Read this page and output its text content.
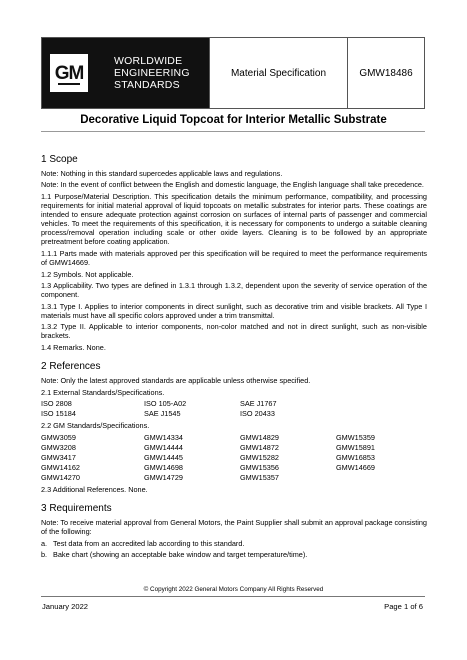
GM
WORLDWIDE
ENGINEERING
STANDARDS
Material Specification	GMW18486
Decorative Liquid Topcoat for Interior Metallic Substrate
1 Scope
Note: Nothing in this standard supercedes applicable laws and regulations.
Note: In the event of conflict between the English and domestic language, the English language shall take precedence.
1.1 Purpose/Material Description. This specification details the minimum performance, compatibility, and processing requirements for initial material approval of liquid topcoats on metallic substrates for interior parts. These coatings are intended to ensure adequate protection against corrosion on surfaces of internal parts of passenger and commercial vehicles. To meet the requirements of this specification, it is necessary for components to undergo a suitable cleaning process/removal operation including scale or other oxide layers. Cleaning is to be followed by an appropriate pretreatment before coating application.
1.1.1 Parts made with materials approved per this specification will be required to meet the performance requirements of GMW14669.
1.2 Symbols. Not applicable.
1.3 Applicability. Two types are defined in 1.3.1 through 1.3.2, dependent upon the severity of service operation of the component.
1.3.1 Type I. Applies to interior components in direct sunlight, such as decorative trim and visible brackets. All Type I materials must have all specific colors approved under a trim transmittal.
1.3.2 Type II. Applicable to interior components, non-color matched and not in direct sunlight, such as non-visible brackets.
1.4 Remarks. None.
2 References
Note: Only the latest approved standards are applicable unless otherwise specified.
2.1 External Standards/Specifications.
ISO 2808	ISO 105-A02	SAE J1767
ISO 15184	SAE J1545	ISO 20433
2.2 GM Standards/Specifications.
GMW3059	GMW14334	GMW14829	GMW15359
GMW3208	GMW14444	GMW14872	GMW15891
GMW3417	GMW14445	GMW15282	GMW16853
GMW14162	GMW14698	GMW15356	GMW14669
GMW14270	GMW14729	GMW15357
2.3 Additional References. None.
3 Requirements
Note: To receive material approval from General Motors, the Paint Supplier shall submit an approval package consisting of the following:
a. Test data from an accredited lab according to this standard.
b. Bake chart (showing an acceptable bake window and target temperature/time).
© Copyright 2022 General Motors Company All Rights Reserved
January 2022	Page 1 of 6
